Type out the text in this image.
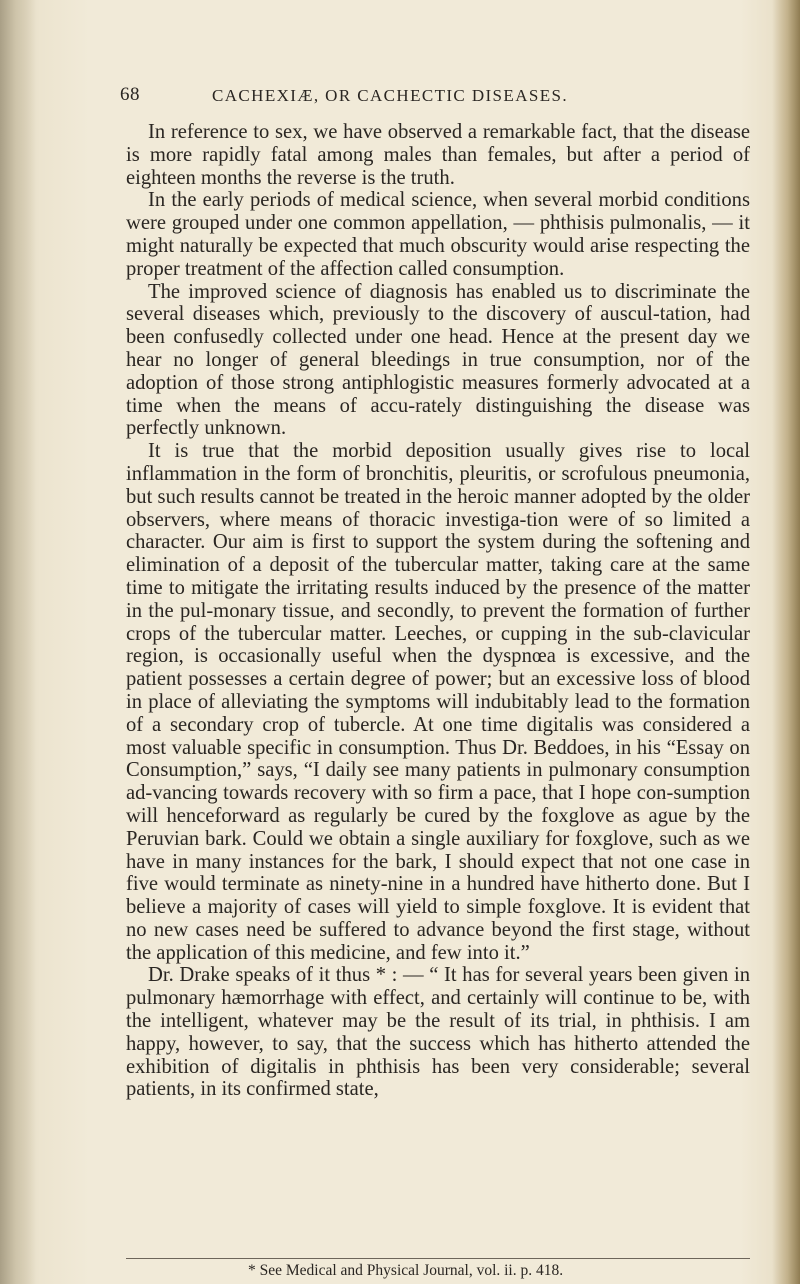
68	CACHEXIÆ, OR CACHECTIC DISEASES.

In reference to sex, we have observed a remarkable fact, that the disease is more rapidly fatal among males than females, but after a period of eighteen months the reverse is the truth.

In the early periods of medical science, when several morbid conditions were grouped under one common appellation, — phthisis pulmonalis, — it might naturally be expected that much obscurity would arise respecting the proper treatment of the affection called consumption.

The improved science of diagnosis has enabled us to discriminate the several diseases which, previously to the discovery of auscul-tation, had been confusedly collected under one head. Hence at the present day we hear no longer of general bleedings in true consumption, nor of the adoption of those strong antiphlogistic measures formerly advocated at a time when the means of accu-rately distinguishing the disease was perfectly unknown.

It is true that the morbid deposition usually gives rise to local inflammation in the form of bronchitis, pleuritis, or scrofulous pneumonia, but such results cannot be treated in the heroic manner adopted by the older observers, where means of thoracic investiga-tion were of so limited a character. Our aim is first to support the system during the softening and elimination of a deposit of the tubercular matter, taking care at the same time to mitigate the irritating results induced by the presence of the matter in the pul-monary tissue, and secondly, to prevent the formation of further crops of the tubercular matter. Leeches, or cupping in the sub-clavicular region, is occasionally useful when the dyspnœa is excessive, and the patient possesses a certain degree of power; but an excessive loss of blood in place of alleviating the symptoms will indubitably lead to the formation of a secondary crop of tubercle. At one time digitalis was considered a most valuable specific in consumption. Thus Dr. Beddoes, in his “Essay on Consumption,” says, “I daily see many patients in pulmonary consumption ad-vancing towards recovery with so firm a pace, that I hope con-sumption will henceforward as regularly be cured by the foxglove as ague by the Peruvian bark. Could we obtain a single auxiliary for foxglove, such as we have in many instances for the bark, I should expect that not one case in five would terminate as ninety-nine in a hundred have hitherto done. But I believe a majority of cases will yield to simple foxglove. It is evident that no new cases need be suffered to advance beyond the first stage, without the application of this medicine, and few into it.”

Dr. Drake speaks of it thus * : — “ It has for several years been given in pulmonary hæmorrhage with effect, and certainly will continue to be, with the intelligent, whatever may be the result of its trial, in phthisis. I am happy, however, to say, that the success which has hitherto attended the exhibition of digitalis in phthisis has been very considerable; several patients, in its confirmed state,

* See Medical and Physical Journal, vol. ii. p. 418.
